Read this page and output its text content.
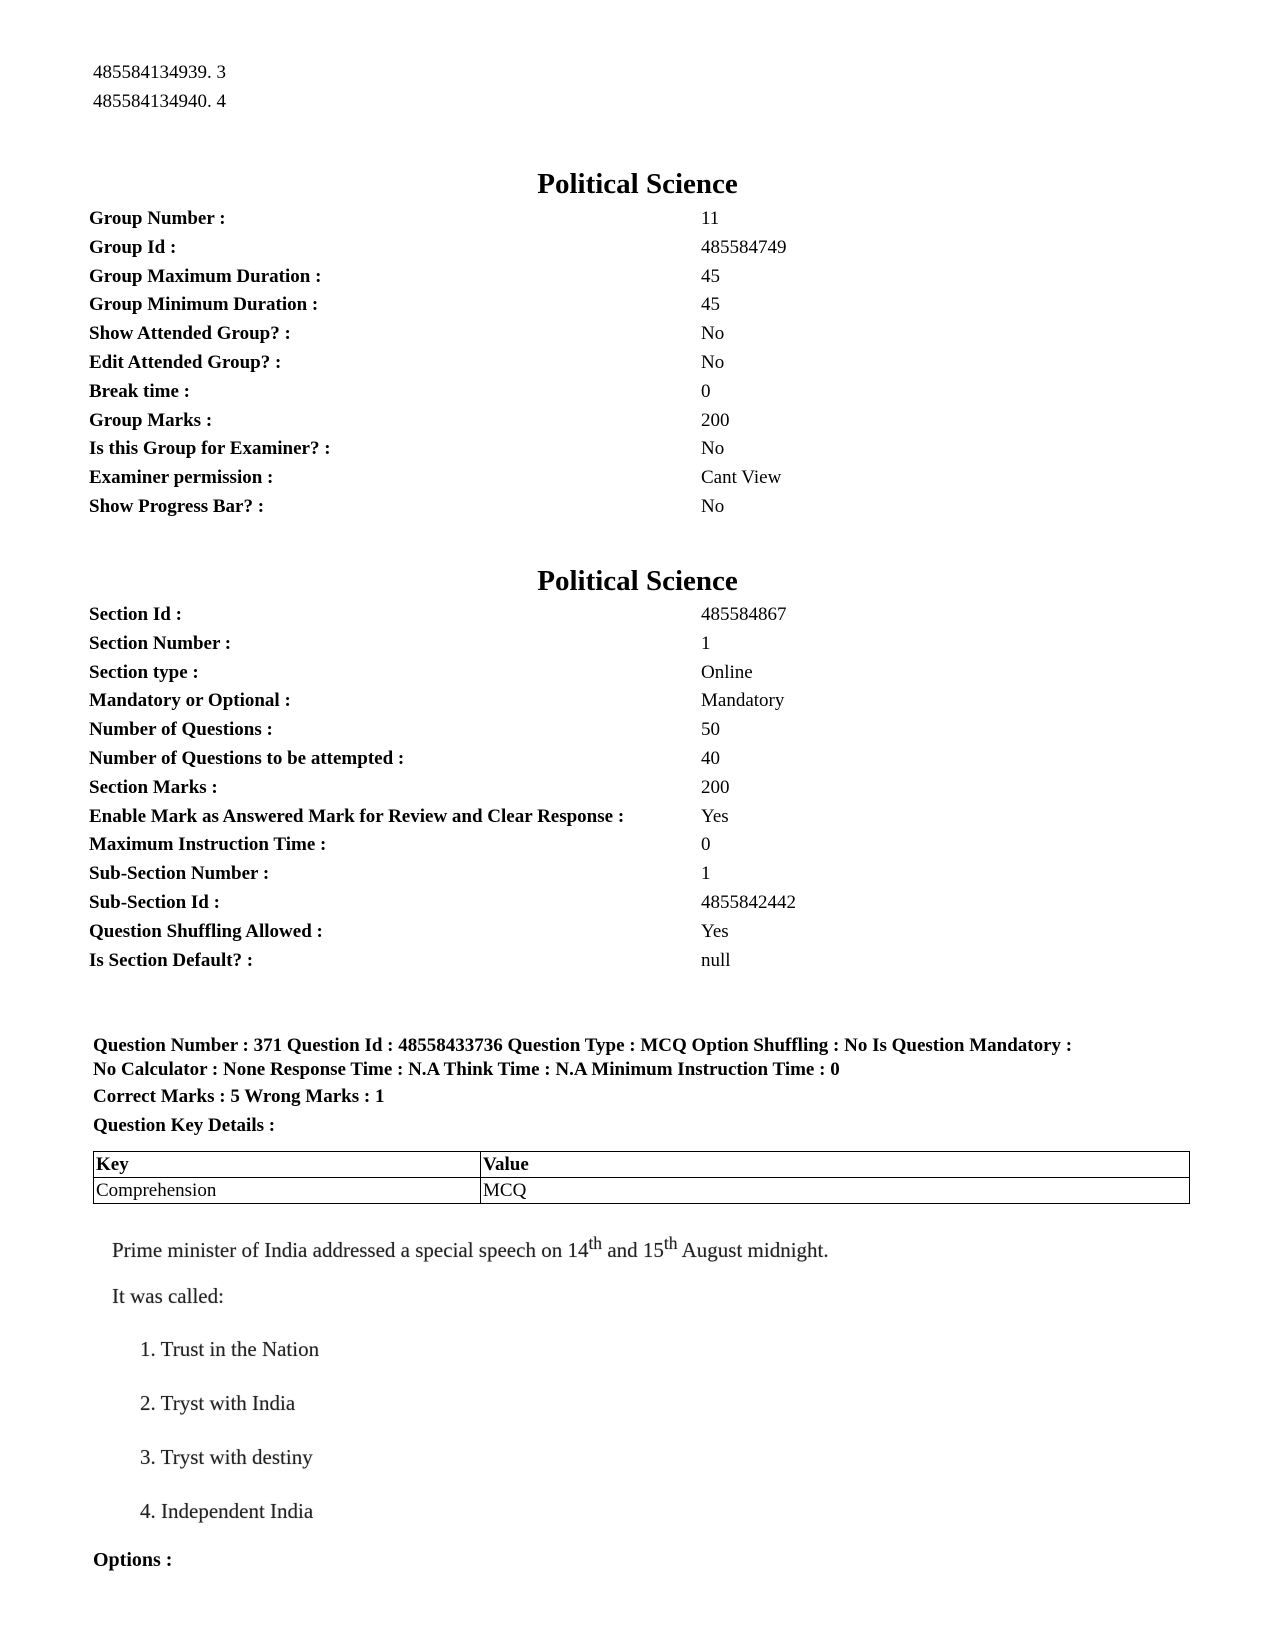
485584134939. 3
485584134940. 4
Political Science
Group Number :	11
Group Id :	485584749
Group Maximum Duration :	45
Group Minimum Duration :	45
Show Attended Group? :	No
Edit Attended Group? :	No
Break time :	0
Group Marks :	200
Is this Group for Examiner? :	No
Examiner permission :	Cant View
Show Progress Bar? :	No
Political Science
Section Id :	485584867
Section Number :	1
Section type :	Online
Mandatory or Optional :	Mandatory
Number of Questions :	50
Number of Questions to be attempted :	40
Section Marks :	200
Enable Mark as Answered Mark for Review and Clear Response :	Yes
Maximum Instruction Time :	0
Sub-Section Number :	1
Sub-Section Id :	4855842442
Question Shuffling Allowed :	Yes
Is Section Default? :	null
Question Number : 371 Question Id : 48558433736 Question Type : MCQ Option Shuffling : No Is Question Mandatory :
No Calculator : None Response Time : N.A Think Time : N.A Minimum Instruction Time : 0
Correct Marks : 5 Wrong Marks : 1
Question Key Details :
Key	Value
Comprehension	MCQ

Prime minister of India addressed a special speech on 14th and 15th August midnight.

It was called:

1. Trust in the Nation
2. Tryst with India
3. Tryst with destiny
4. Independent India
Options :
